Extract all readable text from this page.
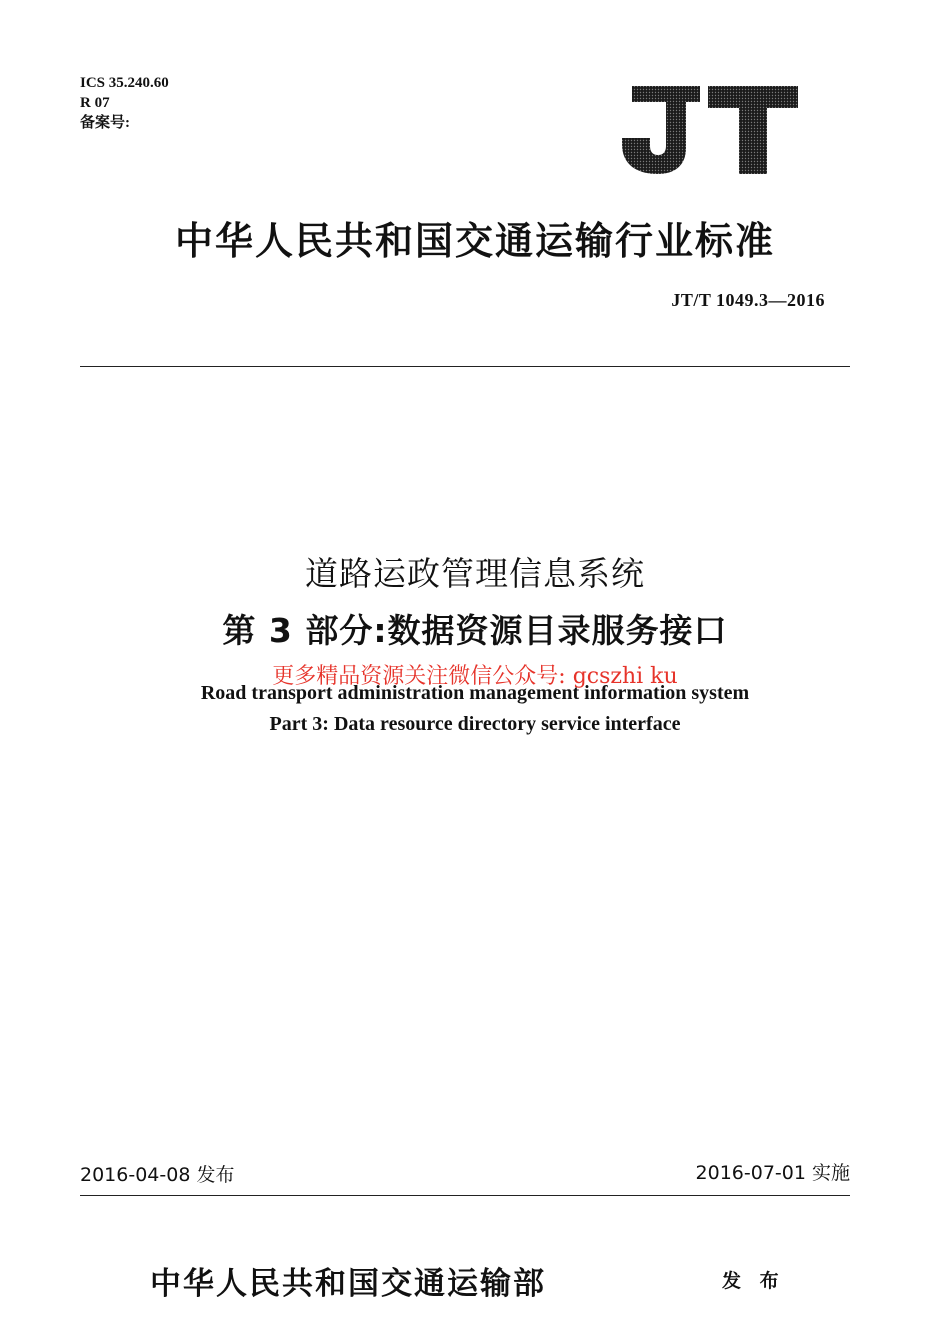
ICS 35.240.60
R 07
备案号:
中华人民共和国交通运输行业标准
JT/T 1049.3—2016
道路运政管理信息系统
第 3 部分:数据资源目录服务接口
Road transport administration management information system
Part 3: Data resource directory service interface
更多精品资源关注微信公众号: gcszhi ku
2016-04-08 发布	2016-07-01 实施
中华人民共和国交通运输部	发 布
